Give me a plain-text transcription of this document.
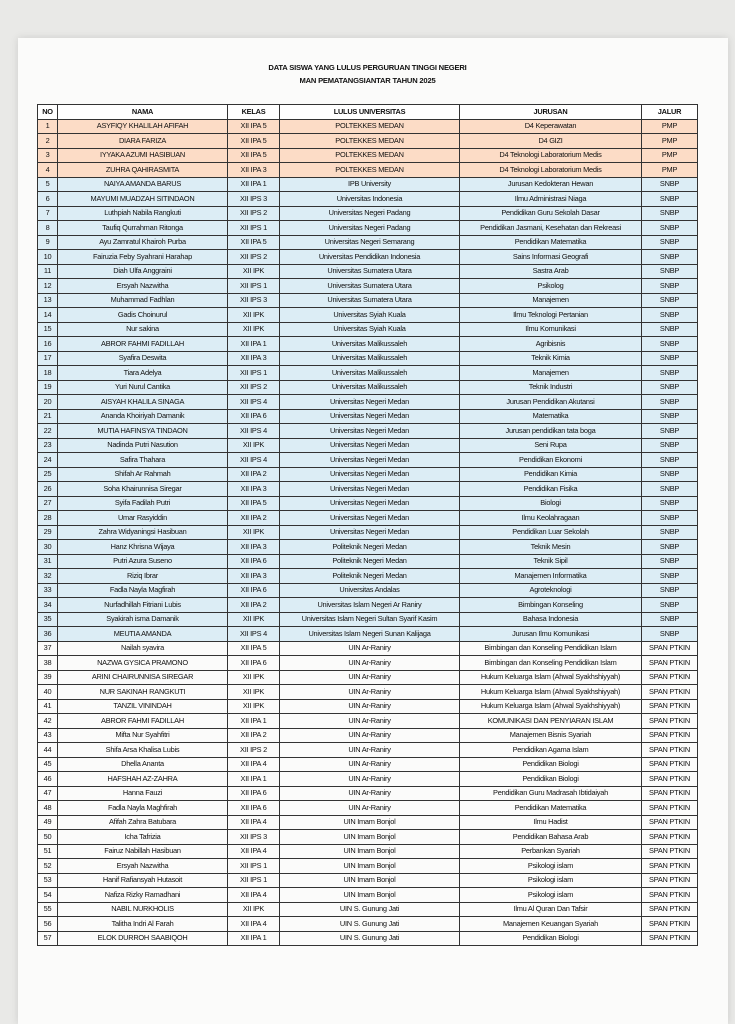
DATA SISWA YANG LULUS PERGURUAN TINGGI NEGERI
MAN PEMATANGSIANTAR TAHUN 2025
NO	NAMA	KELAS	LULUS UNIVERSITAS	JURUSAN	JALUR
1	ASYFIQY KHALILAH AFIFAH	XII IPA 5	POLTEKKES MEDAN	D4 Keperawatan	PMP
2	DIARA FARIZA	XII IPA 5	POLTEKKES MEDAN	D4 GIZI	PMP
3	IYYAKA AZUMI HASIBUAN	XII IPA 5	POLTEKKES MEDAN	D4 Teknologi Laboratorium Medis	PMP
4	ZUHRA QAHIRASMITA	XII IPA 3	POLTEKKES MEDAN	D4 Teknologi Laboratorium Medis	PMP
5	NAIYA AMANDA BARUS	XII IPA 1	IPB University	Jurusan Kedokteran Hewan	SNBP
6	MAYUMI MUADZAH SITINDAON	XII IPS 3	Universitas Indonesia	Ilmu Administrasi Niaga	SNBP
7	Luthpiah Nabila Rangkuti	XII IPS 2	Universitas Negeri Padang	Pendidikan Guru Sekolah Dasar	SNBP
8	Taufiq Qurrahman Ritonga	XII IPS 1	Universitas Negeri Padang	Pendidikan Jasmani, Kesehatan dan Rekreasi	SNBP
9	Ayu Zamratul Khairoh Purba	XII IPA 5	Universitas Negeri Semarang	Pendidikan Matematika	SNBP
10	Fairuzia Feby Syahrani Harahap	XII IPS 2	Universitas Pendidikan Indonesia	Sains Informasi Geografi	SNBP
11	Diah Ulfa Anggraini	XII IPK	Universitas Sumatera Utara	Sastra Arab	SNBP
12	Ersyah Nazwitha	XII IPS 1	Universitas Sumatera Utara	Psikolog	SNBP
13	Muhammad Fadhlan	XII IPS 3	Universitas Sumatera Utara	Manajemen	SNBP
14	Gadis Choinurul	XII IPK	Universitas Syiah Kuala	Ilmu Teknologi Pertanian	SNBP
15	Nur sakina	XII IPK	Universitas Syiah Kuala	Ilmu Komunikasi	SNBP
16	ABROR FAHMI FADILLAH	XII IPA 1	Universitas Malikussaleh	Agribisnis	SNBP
17	Syafira Deswita	XII IPA 3	Universitas Malikussaleh	Teknik Kimia	SNBP
18	Tiara Adelya	XII IPS 1	Universitas Malikussaleh	Manajemen	SNBP
19	Yuri Nurul Cantika	XII IPS 2	Universitas Malikussaleh	Teknik Industri	SNBP
20	AISYAH KHALILA SINAGA	XII IPS 4	Universitas Negeri Medan	Jurusan Pendidikan Akutansi	SNBP
21	Ananda Khoiriyah Damanik	XII IPA 6	Universitas Negeri Medan	Matematika	SNBP
22	MUTIA HAFINSYA TINDAON	XII IPS 4	Universitas Negeri Medan	Jurusan pendidikan tata boga	SNBP
23	Nadinda Putri Nasution	XII IPK	Universitas Negeri Medan	Seni Rupa	SNBP
24	Safira Thahara	XII IPS 4	Universitas Negeri Medan	Pendidikan Ekonomi	SNBP
25	Shifah Ar Rahmah	XII IPA 2	Universitas Negeri Medan	Pendidikan Kimia	SNBP
26	Soha Khairunnisa Siregar	XII IPA 3	Universitas Negeri Medan	Pendidikan Fisika	SNBP
27	Syifa Fadilah Putri	XII IPA 5	Universitas Negeri Medan	Biologi	SNBP
28	Umar Rasyiddin	XII IPA 2	Universitas Negeri Medan	Ilmu Keolahragaan	SNBP
29	Zahra Widyaningsi Hasibuan	XII IPK	Universitas Negeri Medan	Pendidikan Luar Sekolah	SNBP
30	Hanz Khrisna Wijaya	XII IPA 3	Politeknik Negeri Medan	Teknik Mesin	SNBP
31	Putri Azura Suseno	XII IPA 6	Politeknik Negeri Medan	Teknik Sipil	SNBP
32	Riziq Ibrar	XII IPA 3	Politeknik Negeri Medan	Manajemen Informatika	SNBP
33	Fadla Nayla Magfirah	XII IPA 6	Universitas Andalas	Agroteknologi	SNBP
34	Nurfadhillah Fitriani Lubis	XII IPA 2	Universitas Islam Negeri Ar Raniry	Bimbingan Konseling	SNBP
35	Syakirah isma Damanik	XII IPK	Universitas Islam Negeri Sultan Syarif Kasim	Bahasa Indonesia	SNBP
36	MEUTIA AMANDA	XII IPS 4	Universitas Islam Negeri Sunan Kalijaga	Jurusan Ilmu Komunikasi	SNBP
37	Nailah syavira	XII IPA 5	UIN Ar-Raniry	Bimbingan dan Konseling Pendidikan Islam	SPAN PTKIN
38	NAZWA GYSICA PRAMONO	XII IPA 6	UIN Ar-Raniry	Bimbingan dan Konseling Pendidikan Islam	SPAN PTKIN
39	ARINI CHAIRUNNISA SIREGAR	XII IPK	UIN Ar-Raniry	Hukum Keluarga Islam (Ahwal Syakhshiyyah)	SPAN PTKIN
40	NUR SAKINAH RANGKUTI	XII IPK	UIN Ar-Raniry	Hukum Keluarga Islam (Ahwal Syakhshiyyah)	SPAN PTKIN
41	TANZIL VININDAH	XII IPK	UIN Ar-Raniry	Hukum Keluarga Islam (Ahwal Syakhshiyyah)	SPAN PTKIN
42	ABROR FAHMI FADILLAH	XII IPA 1	UIN Ar-Raniry	KOMUNIKASI DAN PENYIARAN ISLAM	SPAN PTKIN
43	Mifta Nur Syahfitri	XII IPA 2	UIN Ar-Raniry	Manajemen Bisnis Syariah	SPAN PTKIN
44	Shifa Arsa Khalisa Lubis	XII IPS 2	UIN Ar-Raniry	Pendidikan Agama Islam	SPAN PTKIN
45	Dhella Ananta	XII IPA 4	UIN Ar-Raniry	Pendidikan Biologi	SPAN PTKIN
46	HAFSHAH AZ-ZAHRA	XII IPA 1	UIN Ar-Raniry	Pendidikan Biologi	SPAN PTKIN
47	Hanna Fauzi	XII IPA 6	UIN Ar-Raniry	Pendidikan Guru Madrasah Ibtidaiyah	SPAN PTKIN
48	Fadla Nayla Maghfirah	XII IPA 6	UIN Ar-Raniry	Pendidikan Matematika	SPAN PTKIN
49	Afifah Zahra Batubara	XII IPA 4	UIN Imam Bonjol	Ilmu Hadist	SPAN PTKIN
50	Icha Tafrizia	XII IPS 3	UIN Imam Bonjol	Pendidikan Bahasa Arab	SPAN PTKIN
51	Fairuz Nabillah Hasibuan	XII IPA 4	UIN Imam Bonjol	Perbankan Syariah	SPAN PTKIN
52	Ersyah Nazwitha	XII IPS 1	UIN Imam Bonjol	Psikologi islam	SPAN PTKIN
53	Hanif Rafiansyah Hutasoit	XII IPS 1	UIN Imam Bonjol	Psikologi islam	SPAN PTKIN
54	Nafiza Rizky Ramadhani	XII IPA 4	UIN Imam Bonjol	Psikologi islam	SPAN PTKIN
55	NABIL NURKHOLIS	XII IPK	UIN S. Gunung Jati	Ilmu Al Quran Dan Tafsir	SPAN PTKIN
56	Talitha Indri Al Farah	XII IPA 4	UIN S. Gunung Jati	Manajemen Keuangan Syariah	SPAN PTKIN
57	ELOK DURROH SAABIQOH	XII IPA 1	UIN S. Gunung Jati	Pendidikan Biologi	SPAN PTKIN
